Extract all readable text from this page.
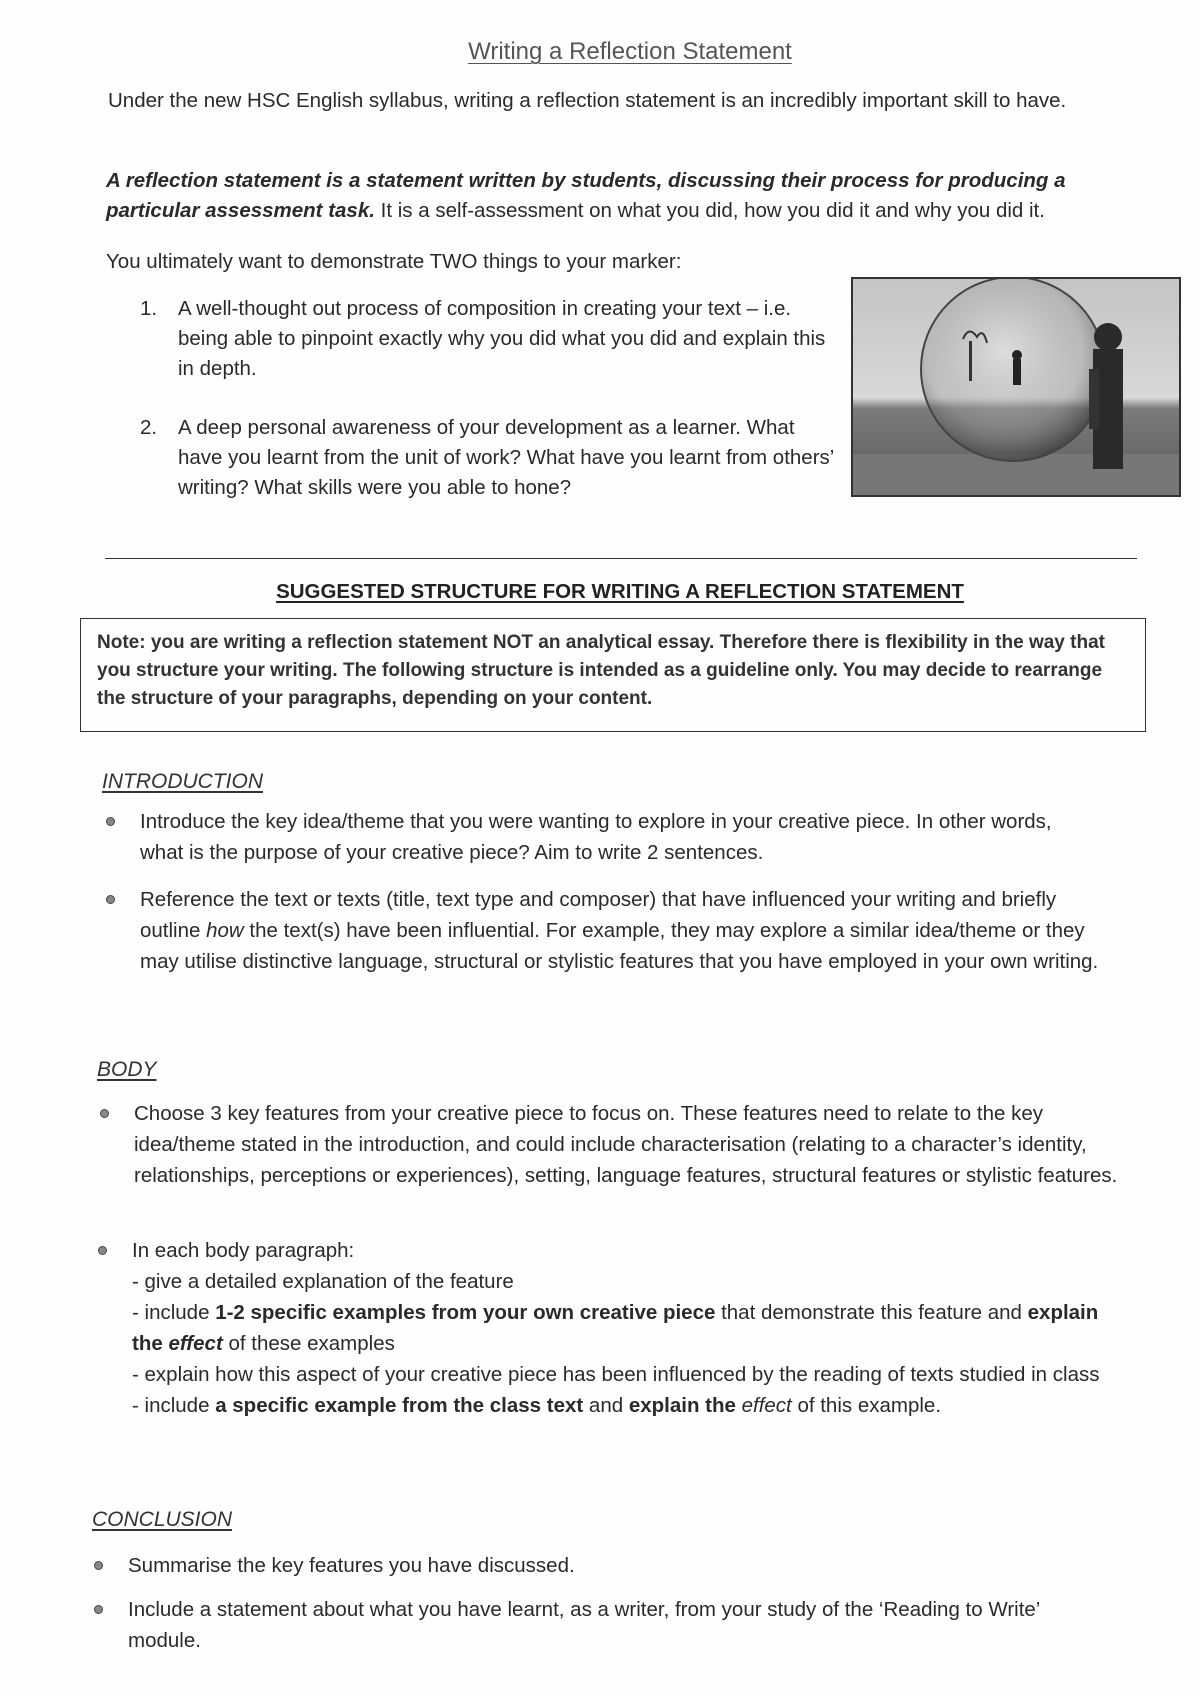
Writing a Reflection Statement
Under the new HSC English syllabus, writing a reflection statement is an incredibly important skill to have.
A reflection statement is a statement written by students, discussing their process for producing a particular assessment task. It is a self-assessment on what you did, how you did it and why you did it.
You ultimately want to demonstrate TWO things to your marker:
1.	A well-thought out process of composition in creating your text – i.e. being able to pinpoint exactly why you did what you did and explain this in depth.
2.	A deep personal awareness of your development as a learner. What have you learnt from the unit of work? What have you learnt from others’ writing? What skills were you able to hone?
SUGGESTED STRUCTURE FOR WRITING A REFLECTION STATEMENT
Note: you are writing a reflection statement NOT an analytical essay. Therefore there is flexibility in the way that you structure your writing. The following structure is intended as a guideline only. You may decide to rearrange the structure of your paragraphs, depending on your content.
INTRODUCTION
Introduce the key idea/theme that you were wanting to explore in your creative piece. In other words, what is the purpose of your creative piece? Aim to write 2 sentences.
Reference the text or texts (title, text type and composer) that have influenced your writing and briefly outline how the text(s) have been influential. For example, they may explore a similar idea/theme or they may utilise distinctive language, structural or stylistic features that you have employed in your own writing.
BODY
Choose 3 key features from your creative piece to focus on. These features need to relate to the key idea/theme stated in the introduction, and could include characterisation (relating to a character’s identity, relationships, perceptions or experiences), setting, language features, structural features or stylistic features.
In each body paragraph:
- give a detailed explanation of the feature
- include 1-2 specific examples from your own creative piece that demonstrate this feature and explain the effect of these examples
- explain how this aspect of your creative piece has been influenced by the reading of texts studied in class
- include a specific example from the class text and explain the effect of this example.
CONCLUSION
Summarise the key features you have discussed.
Include a statement about what you have learnt, as a writer, from your study of the ‘Reading to Write’ module.
